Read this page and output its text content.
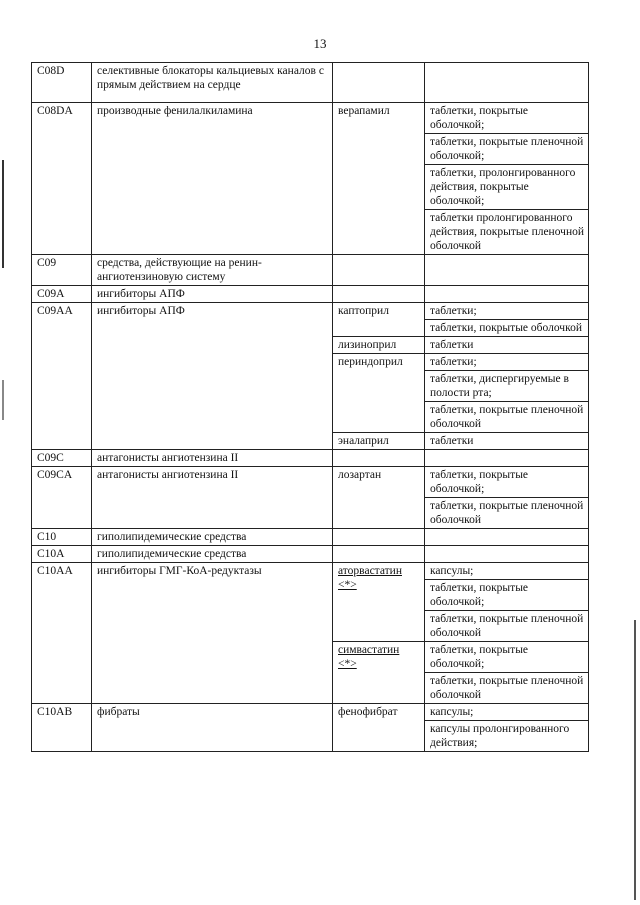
13
C08D	селективные блокаторы кальциевых каналов с прямым действием на сердце		
C08DA	производные фенилалкиламина	верапамил	таблетки, покрытые оболочкой;
			таблетки, покрытые пленочной оболочкой;
			таблетки, пролонгированного действия, покрытые оболочкой;
			таблетки пролонгированного действия, покрытые пленочной оболочкой
C09	средства, действующие на ренин-ангиотензиновую систему		
C09A	ингибиторы АПФ		
C09AA	ингибиторы АПФ	каптоприл	таблетки;
			таблетки, покрытые оболочкой
		лизиноприл	таблетки
		периндоприл	таблетки;
			таблетки, диспергируемые в полости рта;
			таблетки, покрытые пленочной оболочкой
		эналаприл	таблетки
C09C	антагонисты ангиотензина II		
C09CA	антагонисты ангиотензина II	лозартан	таблетки, покрытые оболочкой;
			таблетки, покрытые пленочной оболочкой
C10	гиполипидемические средства		
C10A	гиполипидемические средства		
C10AA	ингибиторы ГМГ-КоА-редуктазы	аторвастатин <*>	капсулы;
			таблетки, покрытые оболочкой;
			таблетки, покрытые пленочной оболочкой
		симвастатин <*>	таблетки, покрытые оболочкой;
			таблетки, покрытые пленочной оболочкой
C10AB	фибраты	фенофибрат	капсулы;
			капсулы пролонгированного действия;
